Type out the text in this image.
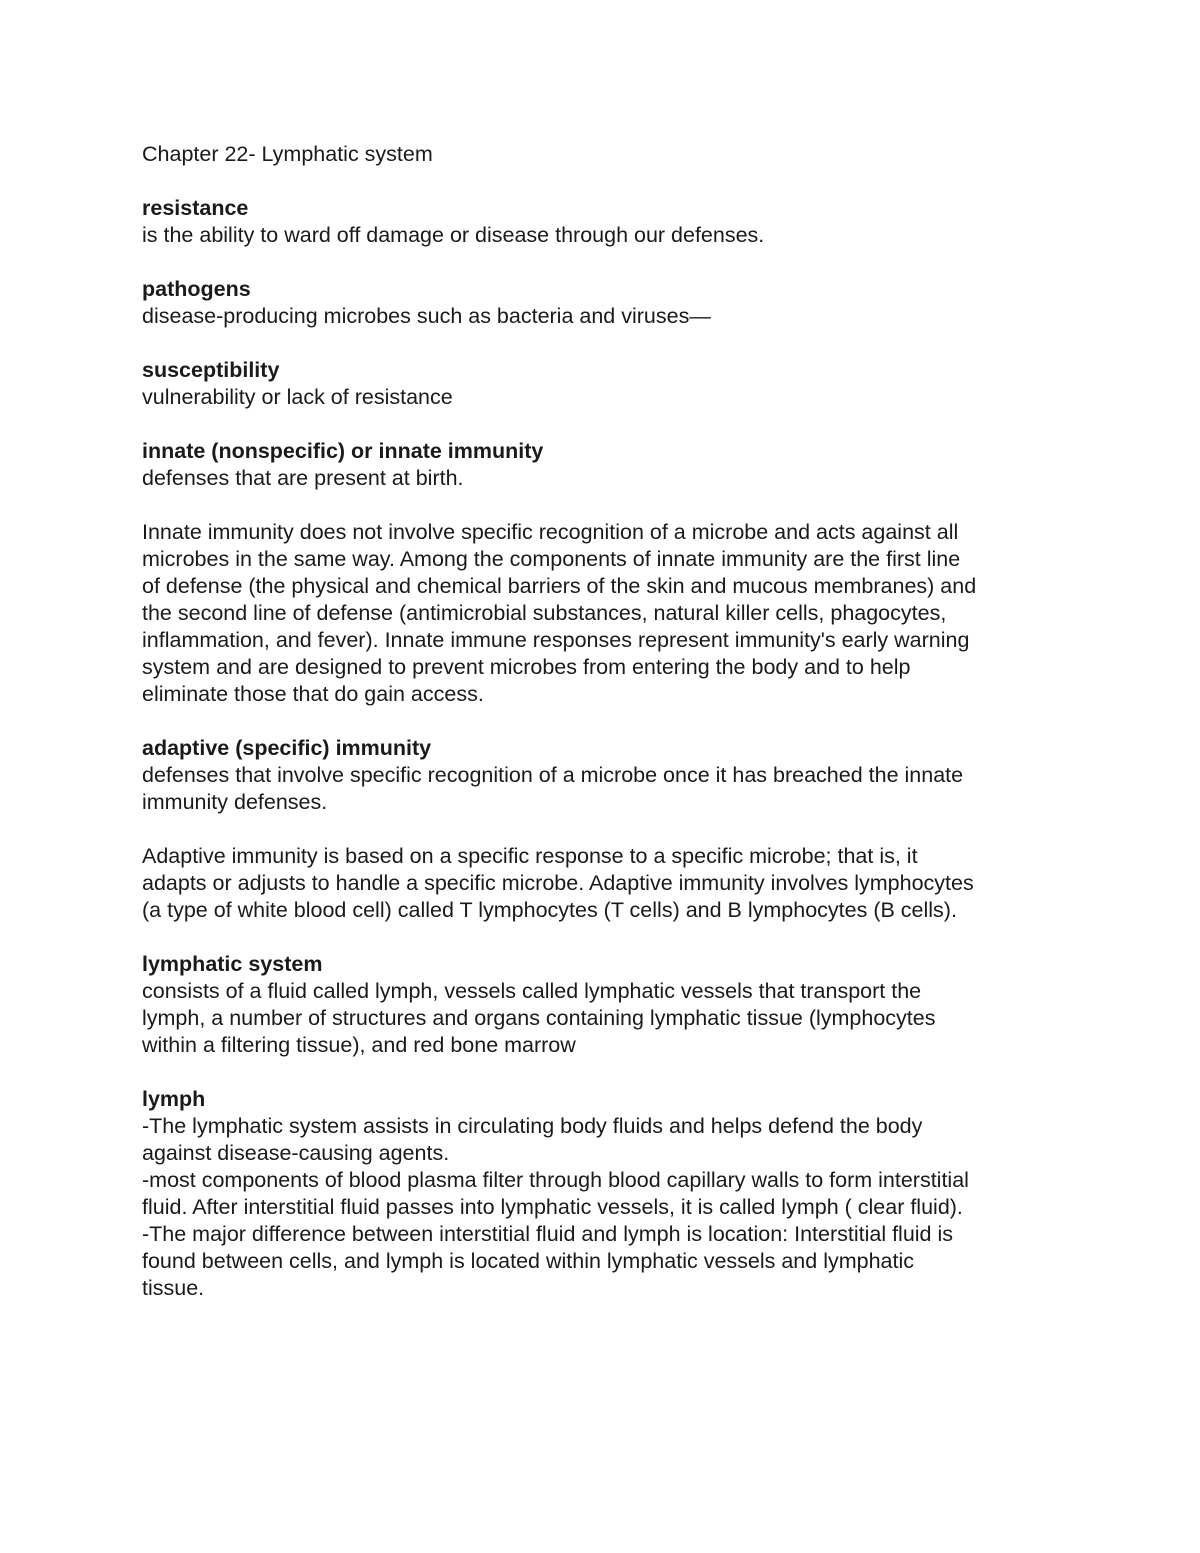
Chapter 22- Lymphatic system
resistance
is the ability to ward off damage or disease through our defenses.
pathogens
disease-producing microbes such as bacteria and viruses—
susceptibility
vulnerability or lack of resistance
innate (nonspecific) or innate immunity
defenses that are present at birth.
Innate immunity does not involve specific recognition of a microbe and acts against all
microbes in the same way. Among the components of innate immunity are the first line
of defense (the physical and chemical barriers of the skin and mucous membranes) and
the second line of defense (antimicrobial substances, natural killer cells, phagocytes,
inflammation, and fever). Innate immune responses represent immunity's early warning
system and are designed to prevent microbes from entering the body and to help
eliminate those that do gain access.
adaptive (specific) immunity
defenses that involve specific recognition of a microbe once it has breached the innate
immunity defenses.
Adaptive immunity is based on a specific response to a specific microbe; that is, it
adapts or adjusts to handle a specific microbe. Adaptive immunity involves lymphocytes
(a type of white blood cell) called T lymphocytes (T cells) and B lymphocytes (B cells).
lymphatic system
consists of a fluid called lymph, vessels called lymphatic vessels that transport the
lymph, a number of structures and organs containing lymphatic tissue (lymphocytes
within a filtering tissue), and red bone marrow
lymph
-The lymphatic system assists in circulating body fluids and helps defend the body
against disease-causing agents.
-most components of blood plasma filter through blood capillary walls to form interstitial
fluid. After interstitial fluid passes into lymphatic vessels, it is called lymph ( clear fluid).
-The major difference between interstitial fluid and lymph is location: Interstitial fluid is
found between cells, and lymph is located within lymphatic vessels and lymphatic
tissue.
